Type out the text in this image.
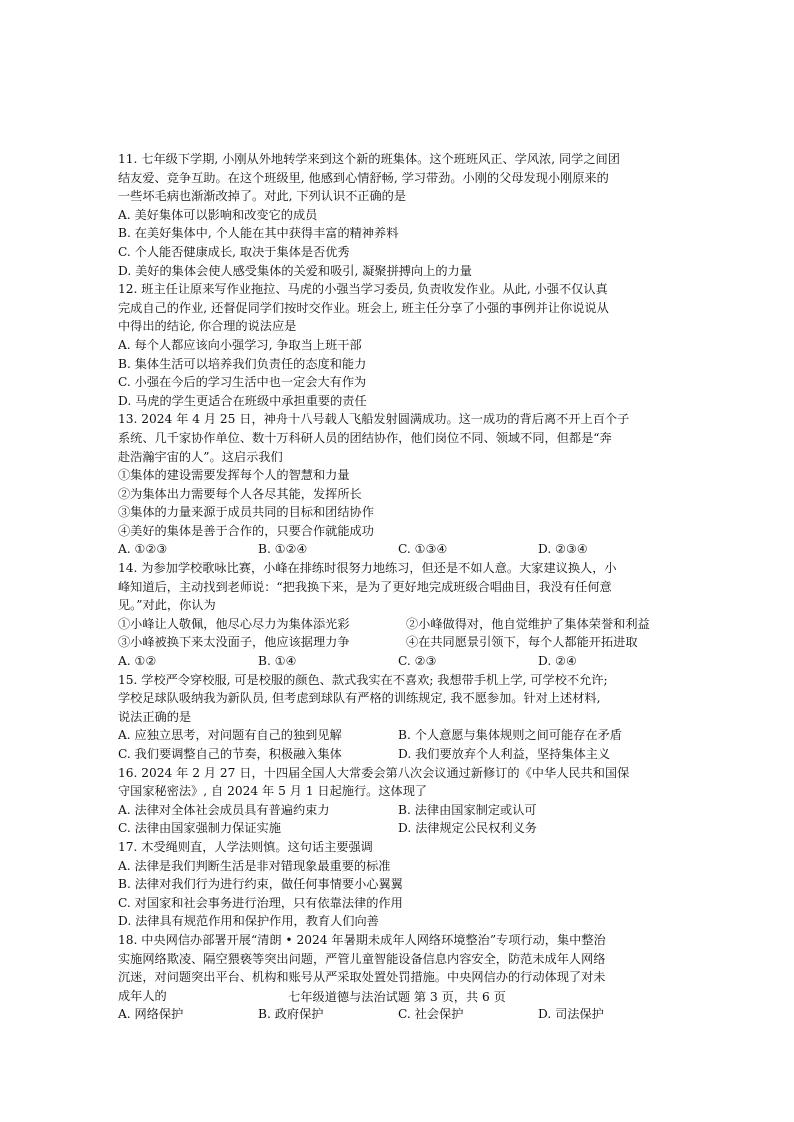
11. 七年级下学期, 小刚从外地转学来到这个新的班集体。这个班班风正、学风浓, 同学之间团
结友爱、竞争互助。在这个班级里, 他感到心情舒畅, 学习带劲。小刚的父母发现小刚原来的
一些坏毛病也渐渐改掉了。对此, 下列认识不正确的是
A. 美好集体可以影响和改变它的成员
B. 在美好集体中, 个人能在其中获得丰富的精神养料
C. 个人能否健康成长, 取决于集体是否优秀
D. 美好的集体会使人感受集体的关爱和吸引, 凝聚拼搏向上的力量
12. 班主任让原来写作业拖拉、马虎的小强当学习委员, 负责收发作业。从此, 小强不仅认真
完成自己的作业, 还督促同学们按时交作业。班会上, 班主任分享了小强的事例并让你说说从
中得出的结论, 你合理的说法应是
A. 每个人都应该向小强学习, 争取当上班干部
B. 集体生活可以培养我们负责任的态度和能力
C. 小强在今后的学习生活中也一定会大有作为
D. 马虎的学生更适合在班级中承担重要的责任
13. 2024 年 4 月 25 日，神舟十八号载人飞船发射圆满成功。这一成功的背后离不开上百个子
系统、几千家协作单位、数十万科研人员的团结协作，他们岗位不同、领域不同，但都是“奔
赴浩瀚宇宙的人”。这启示我们
①集体的建设需要发挥每个人的智慧和力量
②为集体出力需要每个人各尽其能，发挥所长
③集体的力量来源于成员共同的目标和团结协作
④美好的集体是善于合作的，只要合作就能成功
A. ①②③	B. ①②④	C. ①③④	D. ②③④
14. 为参加学校歌咏比赛，小峰在排练时很努力地练习，但还是不如人意。大家建议换人，小
峰知道后，主动找到老师说：“把我换下来，是为了更好地完成班级合唱曲目，我没有任何意
见。”对此，你认为
①小峰让人敬佩，他尽心尽力为集体添光彩	②小峰做得对，他自觉维护了集体荣誉和利益
③小峰被换下来太没面子，他应该据理力争	④在共同愿景引领下，每个人都能开拓进取
A. ①②	B. ①④	C. ②③	D. ②④
15. 学校严令穿校服, 可是校服的颜色、款式我实在不喜欢; 我想带手机上学, 可学校不允许;
学校足球队吸纳我为新队员, 但考虑到球队有严格的训练规定, 我不愿参加。针对上述材料,
说法正确的是
A. 应独立思考，对问题有自己的独到见解	B. 个人意愿与集体规则之间可能存在矛盾
C. 我们要调整自己的节奏，积极融入集体	D. 我们要放弃个人利益，坚持集体主义
16. 2024 年 2 月 27 日，十四届全国人大常委会第八次会议通过新修订的《中华人民共和国保
守国家秘密法》, 自 2024 年 5 月 1 日起施行。这体现了
A. 法律对全体社会成员具有普遍约束力	B. 法律由国家制定或认可
C. 法律由国家强制力保证实施	D. 法律规定公民权利义务
17. 木受绳则直，人学法则慎。这句话主要强调
A. 法律是我们判断生活是非对错现象最重要的标准
B. 法律对我们行为进行约束，做任何事情要小心翼翼
C. 对国家和社会事务进行治理，只有依靠法律的作用
D. 法律具有规范作用和保护作用，教育人们向善
18. 中央网信办部署开展“清朗 • 2024 年暑期未成年人网络环境整治”专项行动，集中整治
实施网络欺凌、隔空猥亵等突出问题，严管儿童智能设备信息内容安全，防范未成年人网络
沉迷，对问题突出平台、机构和账号从严采取处置处罚措施。中央网信办的行动体现了对未
成年人的
A. 网络保护	B. 政府保护	C. 社会保护	D. 司法保护
七年级道德与法治试题 第 3 页，共 6 页
